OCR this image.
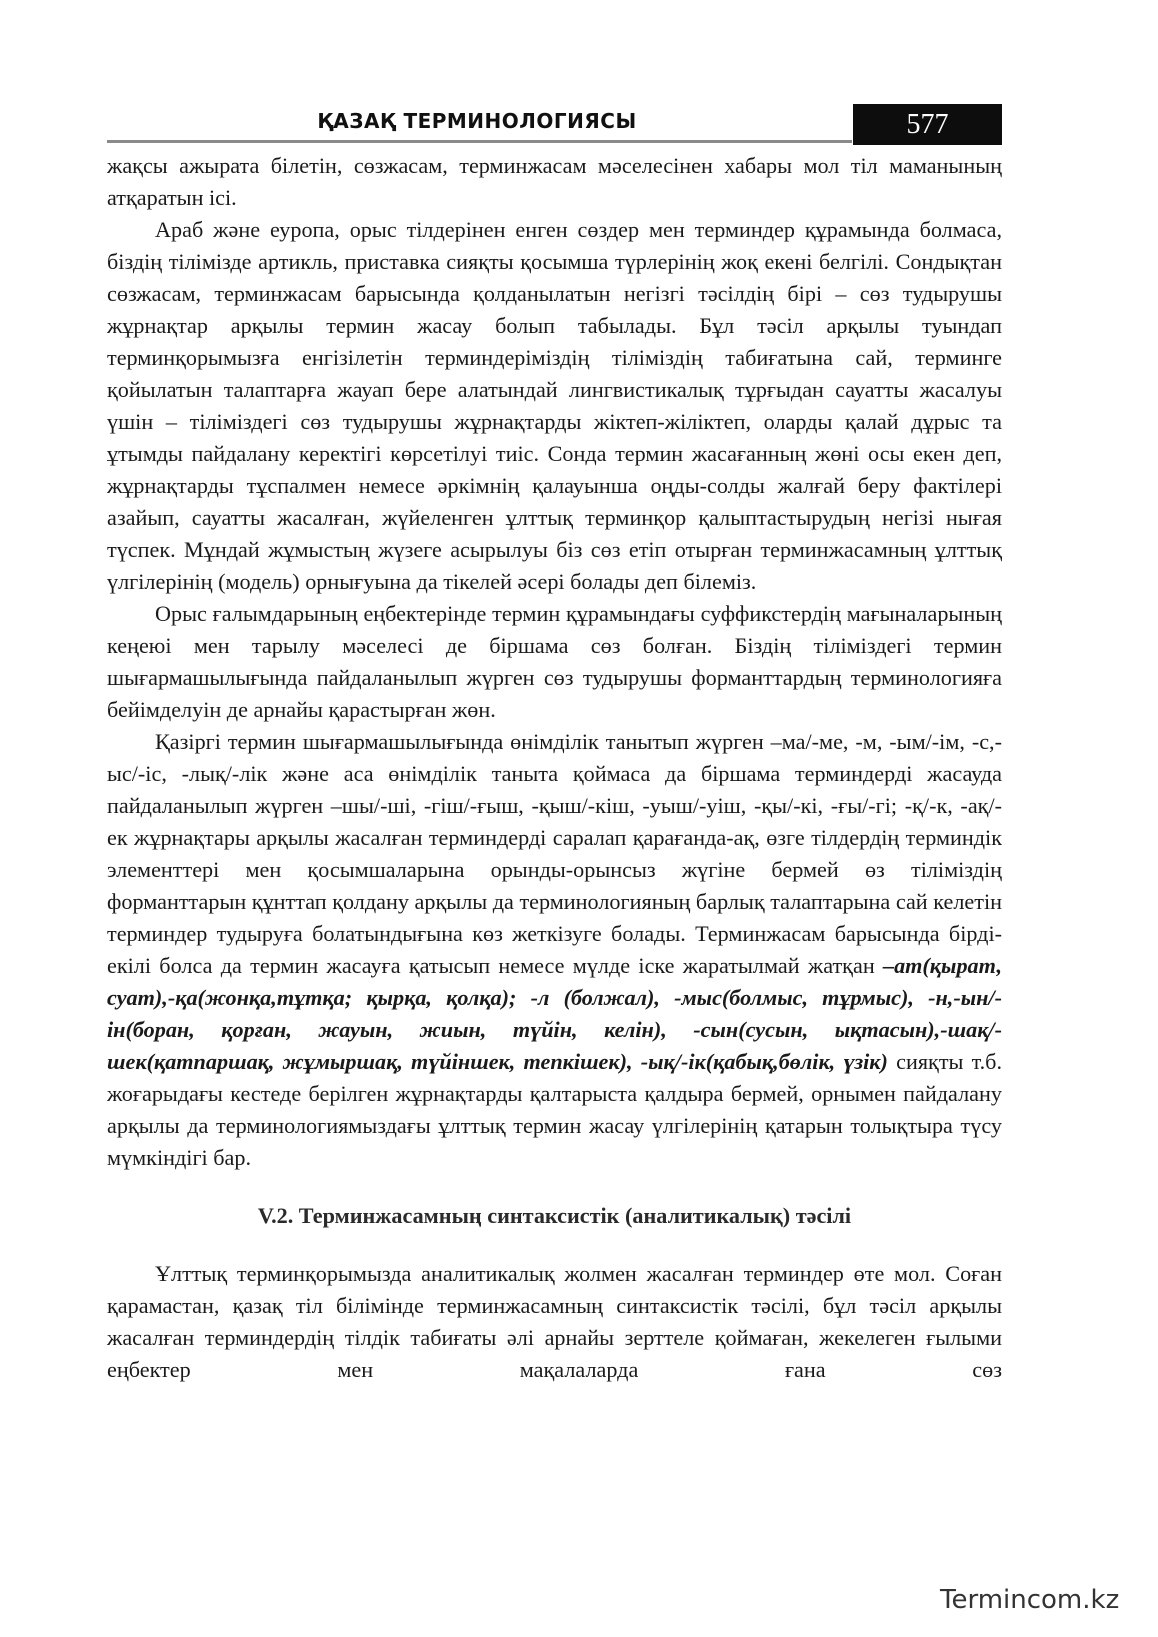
ҚАЗАҚ ТЕРМИНОЛОГИЯСЫ	577

жақсы ажырата білетін, сөзжасам, терминжасам мәселесінен хабары мол тіл маманының атқаратын ісі.

Араб және еуропа, орыс тілдерінен енген сөздер мен терминдер құрамында болмаса, біздің тілімізде артикль, приставка сияқты қосымша түрлерінің жоқ екені белгілі. Сондықтан сөзжасам, терминжасам барысында қолданылатын негізгі тәсілдің бірі – сөз тудырушы жұрнақтар арқылы термин жасау болып табылады. Бұл тәсіл арқылы туындап терминқорымызға енгізілетін терминдеріміздің тіліміздің табиғатына сай, терминге қойылатын талаптарға жауап бере алатындай лингвистикалық тұрғыдан сауатты жасалуы үшін – тіліміздегі сөз тудырушы жұрнақтарды жіктеп-жіліктеп, оларды қалай дұрыс та ұтымды пайдалану керектігі көрсетілуі тиіс. Сонда термин жасағанның жөні осы екен деп, жұрнақтарды тұспалмен немесе әркімнің қалауынша оңды-солды жалғай беру фактілері азайып, сауатты жасалған, жүйеленген ұлттық терминқор қалыптастырудың негізі нығая түспек. Мұндай жұмыстың жүзеге асырылуы біз сөз етіп отырған терминжасамның ұлттық үлгілерінің (модель) орнығуына да тікелей әсері болады деп білеміз.

Орыс ғалымдарының еңбектерінде термин құрамындағы суффикстердің мағыналарының кеңеюі мен тарылу мәселесі де біршама сөз болған. Біздің тіліміздегі термин шығармашылығында пайдаланылып жүрген сөз тудырушы форманттардың терминологияға бейімделуін де арнайы қарастырған жөн.

Қазіргі термин шығармашылығында өнімділік танытып жүрген –ма/-ме, -м, -ым/-ім, -с,-ыс/-іс, -лық/-лік және аса өнімділік таныта қоймаса да біршама терминдерді жасауда пайдаланылып жүрген –шы/-ші, -гіш/-ғыш, -қыш/-кіш, -уыш/-уіш, -қы/-кі, -ғы/-гі; -қ/-к, -ақ/-ек жұрнақтары арқылы жасалған терминдерді саралап қарағанда-ақ, өзге тілдердің терминдік элементтері мен қосымшаларына орынды-орынсыз жүгіне бермей өз тіліміздің форманттарын құнттап қолдану арқылы да терминологияның барлық талаптарына сай келетін терминдер тудыруға болатындығына көз жеткізуге болады. Терминжасам барысында бірді-екілі болса да термин жасауға қатысып немесе мүлде іске жаратылмай жатқан –ат(қырат, суат),-қа(жонқа,тұтқа; қырқа, қолқа); -л (болжал), -мыс(болмыс, тұрмыс), -н,-ын/-ін(боран, қорған, жауын, жиын, түйін, келін), -сын(сусын, ықтасын),-шақ/-шек(қатпаршақ, жұмыршақ, түйіншек, тепкішек), -ық/-ік(қабық,бөлік, үзік) сияқты т.б. жоғарыдағы кестеде берілген жұрнақтарды қалтарыста қалдыра бермей, орнымен пайдалану арқылы да терминологиямыздағы ұлттық термин жасау үлгілерінің қатарын толықтыра түсу мүмкіндігі бар.

V.2. Терминжасамның синтаксистік (аналитикалық) тәсілі

Ұлттық терминқорымызда аналитикалық жолмен жасалған терминдер өте мол. Соған қарамастан, қазақ тіл білімінде терминжасамның синтаксистік тәсілі, бұл тәсіл арқылы жасалған терминдердің тілдік табиғаты әлі арнайы зерттеле қоймаған, жекелеген ғылыми еңбектер мен мақалаларда ғана сөз

Termincom.kz
